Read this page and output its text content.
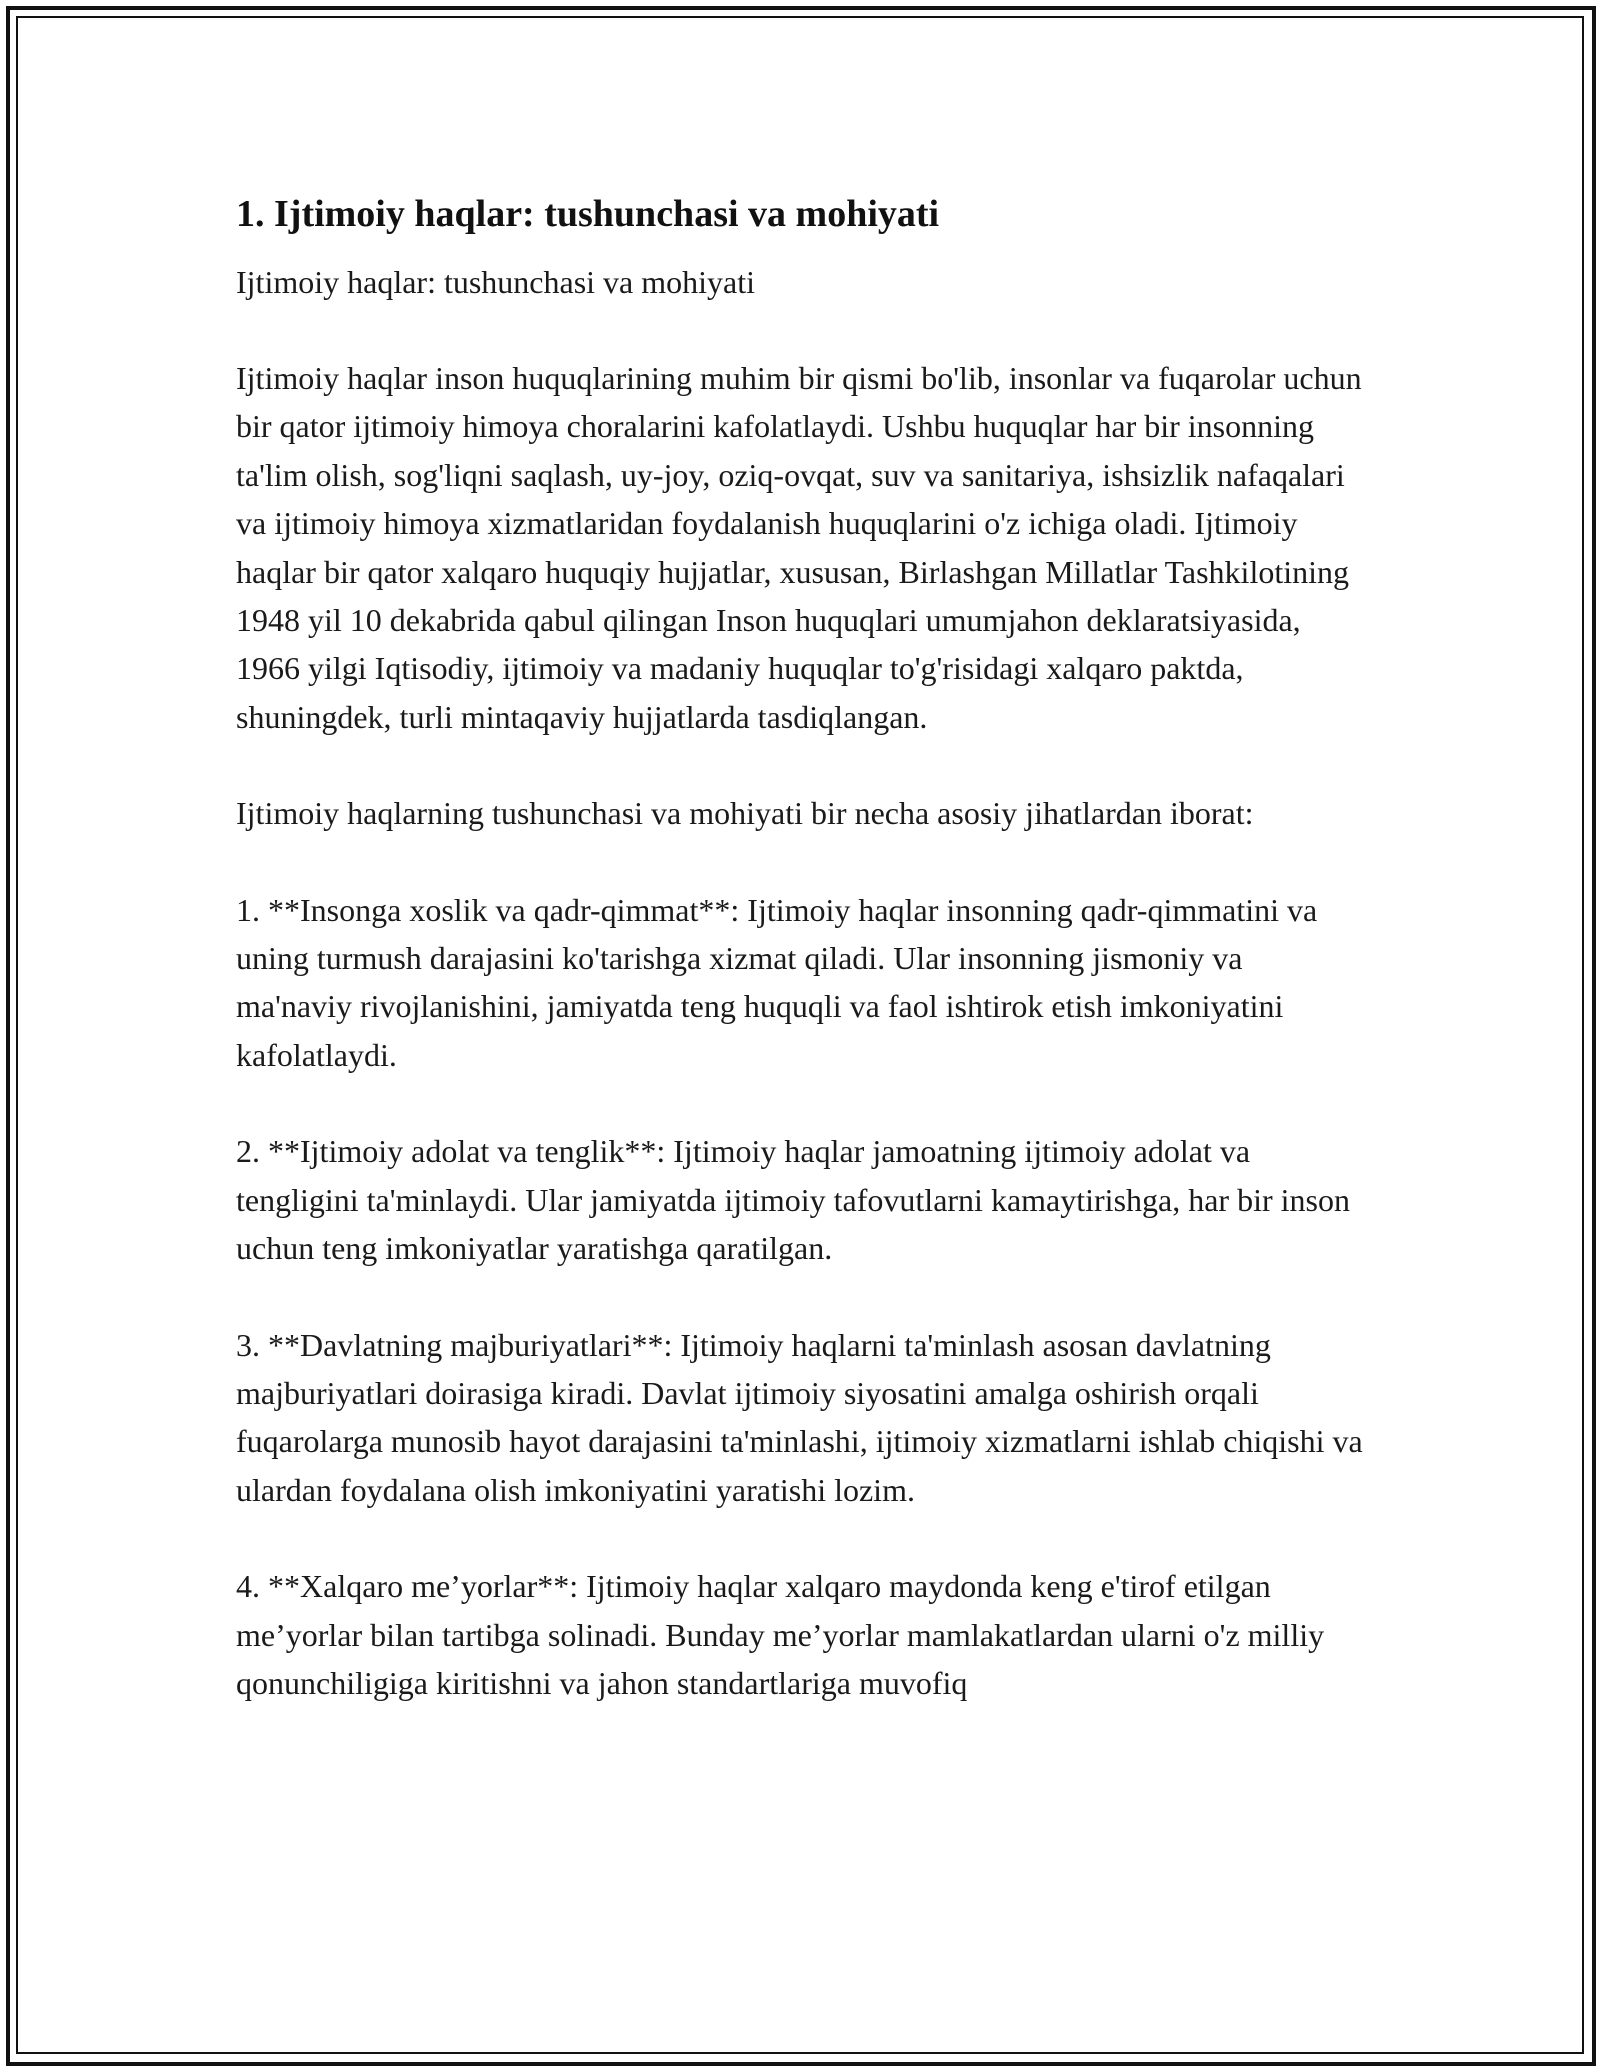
1. Ijtimoiy haqlar: tushunchasi va mohiyati

Ijtimoiy haqlar: tushunchasi va mohiyati

Ijtimoiy haqlar inson huquqlarining muhim bir qismi bo'lib, insonlar va fuqarolar uchun bir qator ijtimoiy himoya choralarini kafolatlaydi. Ushbu huquqlar har bir insonning ta'lim olish, sog'liqni saqlash, uy-joy, oziq-ovqat, suv va sanitariya, ishsizlik nafaqalari va ijtimoiy himoya xizmatlaridan foydalanish huquqlarini o'z ichiga oladi. Ijtimoiy haqlar bir qator xalqaro huquqiy hujjatlar, xususan, Birlashgan Millatlar Tashkilotining 1948 yil 10 dekabrida qabul qilingan Inson huquqlari umumjahon deklaratsiyasida, 1966 yilgi Iqtisodiy, ijtimoiy va madaniy huquqlar to'g'risidagi xalqaro paktda, shuningdek, turli mintaqaviy hujjatlarda tasdiqlangan.

Ijtimoiy haqlarning tushunchasi va mohiyati bir necha asosiy jihatlardan iborat:

1. **Insonga xoslik va qadr-qimmat**: Ijtimoiy haqlar insonning qadr-qimmatini va uning turmush darajasini ko'tarishga xizmat qiladi. Ular insonning jismoniy va ma'naviy rivojlanishini, jamiyatda teng huquqli va faol ishtirok etish imkoniyatini kafolatlaydi.

2. **Ijtimoiy adolat va tenglik**: Ijtimoiy haqlar jamoatning ijtimoiy adolat va tengligini ta'minlaydi. Ular jamiyatda ijtimoiy tafovutlarni kamaytirishga, har bir inson uchun teng imkoniyatlar yaratishga qaratilgan.

3. **Davlatning majburiyatlari**: Ijtimoiy haqlarni ta'minlash asosan davlatning majburiyatlari doirasiga kiradi. Davlat ijtimoiy siyosatini amalga oshirish orqali fuqarolarga munosib hayot darajasini ta'minlashi, ijtimoiy xizmatlarni ishlab chiqishi va ulardan foydalana olish imkoniyatini yaratishi lozim.

4. **Xalqaro me’yorlar**: Ijtimoiy haqlar xalqaro maydonda keng e'tirof etilgan me’yorlar bilan tartibga solinadi. Bunday me’yorlar mamlakatlardan ularni o'z milliy qonunchiligiga kiritishni va jahon standartlariga muvofiq
